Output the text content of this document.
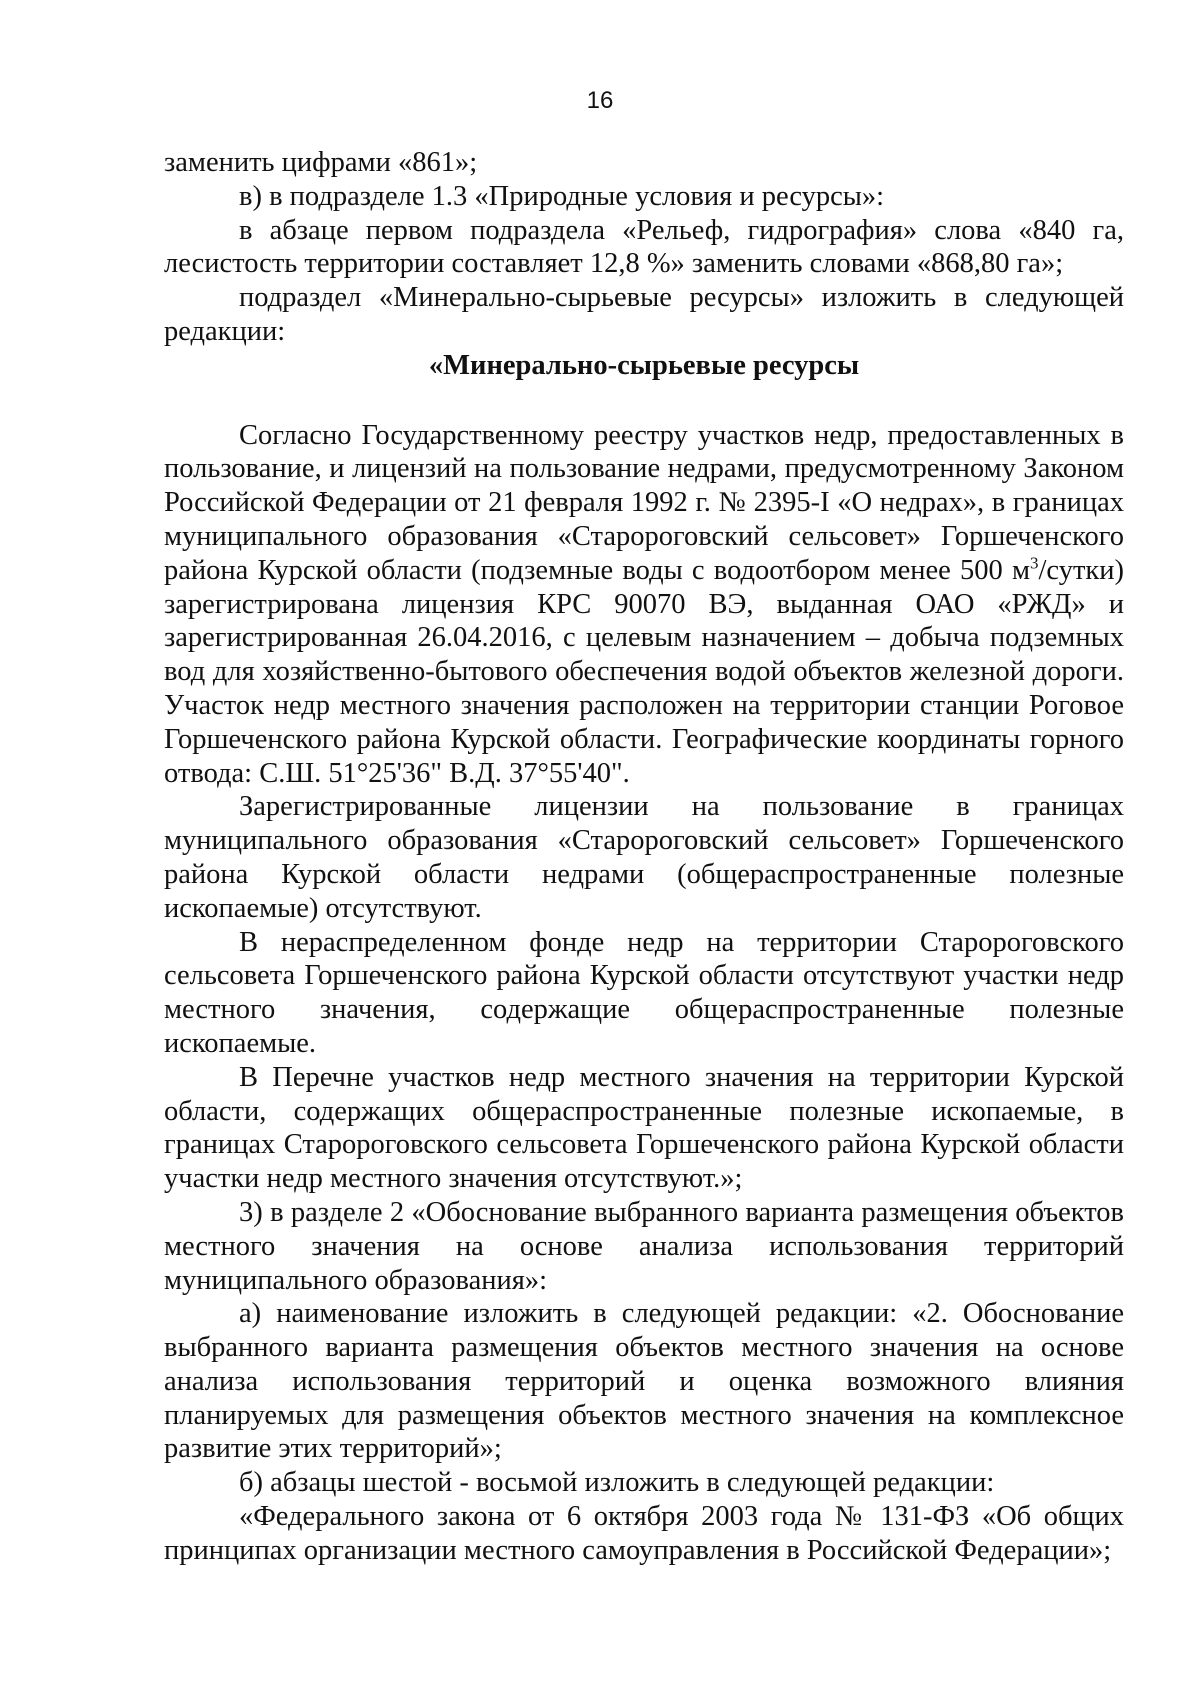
16

заменить цифрами «861»;

в) в подразделе 1.3 «Природные условия и ресурсы»:

в абзаце первом подраздела «Рельеф, гидрография» слова «840 га, лесистость территории составляет 12,8 %» заменить словами «868,80 га»;

подраздел «Минерально-сырьевые ресурсы» изложить в следующей редакции:

«Минерально-сырьевые ресурсы

Согласно Государственному реестру участков недр, предоставленных в пользование, и лицензий на пользование недрами, предусмотренному Законом Российской Федерации от 21 февраля 1992 г. № 2395-I «О недрах», в границах муниципального образования «Старороговский сельсовет» Горшеченского района Курской области (подземные воды с водоотбором менее 500 $м^3/сутки$) зарегистрирована лицензия КРС 90070 ВЭ, выданная ОАО «РЖД» и зарегистрированная 26.04.2016, с целевым назначением – добыча подземных вод для хозяйственно-бытового обеспечения водой объектов железной дороги. Участок недр местного значения расположен на территории станции Роговое Горшеченского района Курской области. Географические координаты горного отвода: С.Ш. 51°25'36" В.Д. 37°55'40".

Зарегистрированные лицензии на пользование в границах муниципального образования «Старороговский сельсовет» Горшеченского района Курской области недрами (общераспространенные полезные ископаемые) отсутствуют.

В нераспределенном фонде недр на территории Старороговского сельсовета Горшеченского района Курской области отсутствуют участки недр местного значения, содержащие общераспространенные полезные ископаемые.

В Перечне участков недр местного значения на территории Курской области, содержащих общераспространенные полезные ископаемые, в границах Старороговского сельсовета Горшеченского района Курской области участки недр местного значения отсутствуют.»;

3) в разделе 2 «Обоснование выбранного варианта размещения объектов местного значения на основе анализа использования территорий муниципального образования»:

а) наименование изложить в следующей редакции: «2. Обоснование выбранного варианта размещения объектов местного значения на основе анализа использования территорий и оценка возможного влияния планируемых для размещения объектов местного значения на комплексное развитие этих территорий»;

б) абзацы шестой - восьмой изложить в следующей редакции:

«Федерального закона от 6 октября 2003 года № 131-ФЗ «Об общих принципах организации местного самоуправления в Российской Федерации»;
